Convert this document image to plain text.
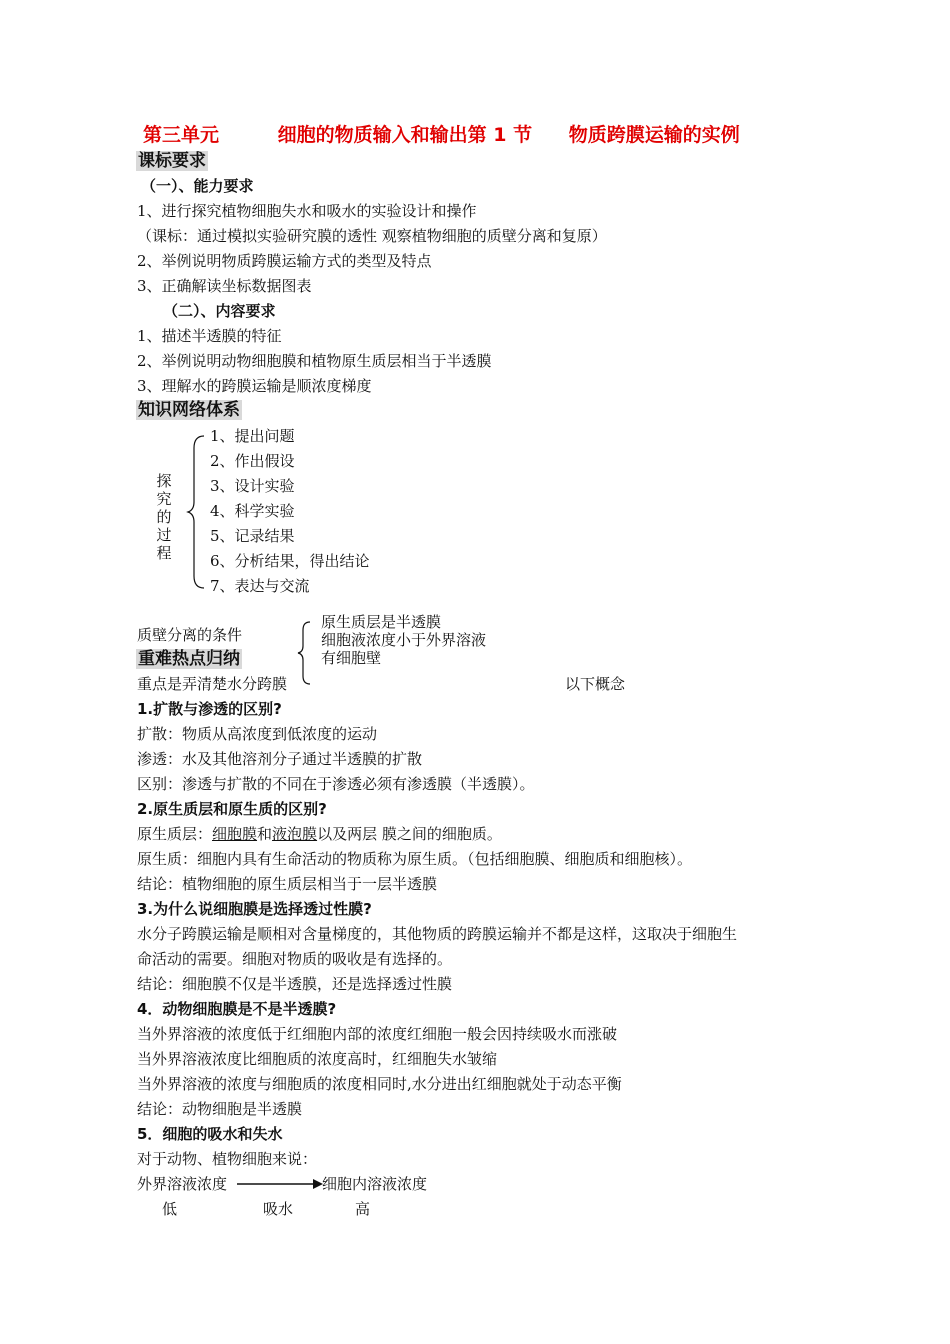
第三单元	细胞的物质输入和输出第 1 节 物质跨膜运输的实例
课标要求
（一）、能力要求
1、进行探究植物细胞失水和吸水的实验设计和操作
（课标：通过模拟实验研究膜的透性 观察植物细胞的质壁分离和复原）
2、举例说明物质跨膜运输方式的类型及特点
3、正确解读坐标数据图表
（二）、内容要求
1、描述半透膜的特征
2、举例说明动物细胞膜和植物原生质层相当于半透膜
3、理解水的跨膜运输是顺浓度梯度
知识网络体系
探
究
的
过
程
1、提出问题
2、作出假设
3、设计实验
4、科学实验
5、记录结果
6、分析结果，得出结论
7、表达与交流
质壁分离的条件
原生质层是半透膜
细胞液浓度小于外界溶液
有细胞壁
重难热点归纳
重点是弄清楚水分跨膜	以下概念
1.扩散与渗透的区别?
扩散：物质从高浓度到低浓度的运动
渗透：水及其他溶剂分子通过半透膜的扩散
区别：渗透与扩散的不同在于渗透必须有渗透膜（半透膜）。
2.原生质层和原生质的区别?
原生质层：细胞膜和液泡膜以及两层 膜之间的细胞质。
原生质：细胞内具有生命活动的物质称为原生质。（包括细胞膜、细胞质和细胞核）。
结论：植物细胞的原生质层相当于一层半透膜
3.为什么说细胞膜是选择透过性膜?
水分子跨膜运输是顺相对含量梯度的，其他物质的跨膜运输并不都是这样，这取决于细胞生
命活动的需要。细胞对物质的吸收是有选择的。
结论：细胞膜不仅是半透膜，还是选择透过性膜
4．动物细胞膜是不是半透膜?
当外界溶液的浓度低于红细胞内部的浓度红细胞一般会因持续吸水而涨破
当外界溶液浓度比细胞质的浓度高时，红细胞失水皱缩
当外界溶液的浓度与细胞质的浓度相同时,水分进出红细胞就处于动态平衡
结论：动物细胞是半透膜
5．细胞的吸水和失水
对于动物、植物细胞来说：
外界溶液浓度	细胞内溶液浓度
低	吸水	高
